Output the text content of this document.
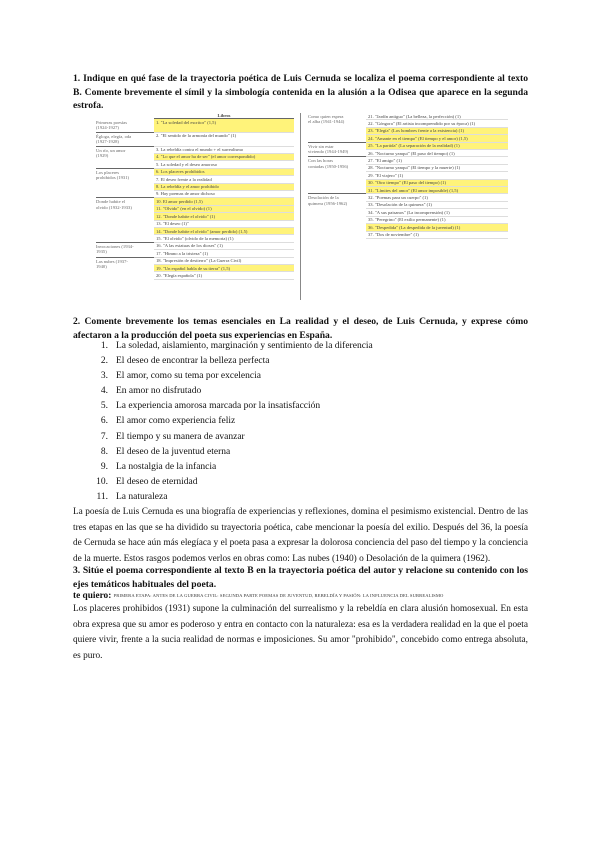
1. Indique en qué fase de la trayectoria poética de Luis Cernuda se localiza el poema correspondiente al texto B. Comente brevemente el símil y la simbología contenida en la alusión a la Odisea que aparece en la segunda estrofa.
	Libros
Primeras poesías
(1924-1927)	1. "La soledad del escritor" (1,5)
Égloga, elegía, oda
(1927-1928)	2. "El sentido de la armonía del mundo" (1)
Un río, un amor
(1929)	3. La rebeldía contra el mundo + el surrealismo
	4. "Lo que el amor ha de ser" (el amor correspondido)
	5. La soledad y el deseo amoroso
Los placeres
prohibidos (1931)	6. Los placeres prohibidos
	7. El deseo frente a la realidad
	8. La rebeldía y el amor prohibido
	9. Hay poemas de amor dichoso
Donde habite el
olvido (1932-1933)	10. El amor perdido (1,5)
	11. "Olvido" (en el olvido) (1)
	12. "Donde habite el olvido" (1)
	13. "El deseo (1)"
	14. "Donde habite el olvido" (amor perdido) (1,5)
	15. "El olvido" (olvido de la memoria) (1)
Invocaciones (1934-
1935)	16. "A las estatuas de los dioses" (1)
	17. "Himno a la tristeza" (1)
Las nubes (1937-
1940)	18. "Impresión de destierro" (La Guerra Civil)
	19. "Un español habla de su tierra" (1,5)
	20. "Elegía española" (1)
Como quien espera
el alba (1941-1944)	21. "Jardín antiguo" (La belleza, la perfección) (1)
	22. "Góngora" (El artista incomprendido por su época) (1)
	23. "Elegía" (Los hombres frente a la existencia) (1)
	24. "Amante en el tiempo" (El tiempo y el amor) (1,5)
Vivir sin estar
viviendo (1944-1949)	25. "La partida" (La separación de la realidad) (1)
	26. "Nocturno yanqui" (El paso del tiempo) (1)
Con las horas
contadas (1950-1956)	27. "El amigo" (1)
	28. "Nocturno yanqui" (El tiempo y la muerte) (1)
	29. "El viajero" (1)
	30. "Otro tiempo" (El paso del tiempo) (1)
	31. "Límites del amor" (El amor imposible) (1,5)
Desolación de la
quimera (1956-1962)	32. "Poemas para un cuerpo" (1)
	33. "Desolación de la quimera" (1)
	34. "A sus paisanos" (La incomprensión) (1)
	35. "Peregrino" (El exilio permanente) (1)
	36. "Despedida" (La despedida de la juventud) (1)
	37. "Dos de noviembre" (1)
2. Comente brevemente los temas esenciales en La realidad y el deseo, de Luis Cernuda, y exprese cómo afectaron a la producción del poeta sus experiencias en España.
1. La soledad, aislamiento, marginación y sentimiento de la diferencia
2. El deseo de encontrar la belleza perfecta
3. El amor, como su tema por excelencia
4. En amor no disfrutado
5. La experiencia amorosa marcada por la insatisfacción
6. El amor como experiencia feliz
7. El tiempo y su manera de avanzar
8. El deseo de la juventud eterna
9. La nostalgia de la infancia
10. El deseo de eternidad
11. La naturaleza
La poesía de Luis Cernuda es una biografía de experiencias y reflexiones, domina el pesimismo existencial. Dentro de las tres etapas en las que se ha dividido su trayectoria poética, cabe mencionar la poesía del exilio. Después del 36, la poesía de Cernuda se hace aún más elegíaca y el poeta pasa a expresar la dolorosa conciencia del paso del tiempo y la conciencia de la muerte. Estos rasgos podemos verlos en obras como: Las nubes (1940) o Desolación de la quimera (1962).
3. Sitúe el poema correspondiente al texto B en la trayectoria poética del autor y relacione su contenido con los ejes temáticos habituales del poeta.
te quiero: PRIMERA ETAPA: ANTES DE LA GUERRA CIVIL: SEGUNDA PARTE POEMAS DE JUVENTUD, REBELDÍA Y PASIÓN: LA INFLUENCIA DEL SURREALISMO
Los placeres prohibidos (1931) supone la culminación del surrealismo y la rebeldía en clara alusión homosexual. En esta obra expresa que su amor es poderoso y entra en contacto con la naturaleza: esa es la verdadera realidad en la que el poeta quiere vivir, frente a la sucia realidad de normas e imposiciones. Su amor "prohibido", concebido como entrega absoluta, es puro.
